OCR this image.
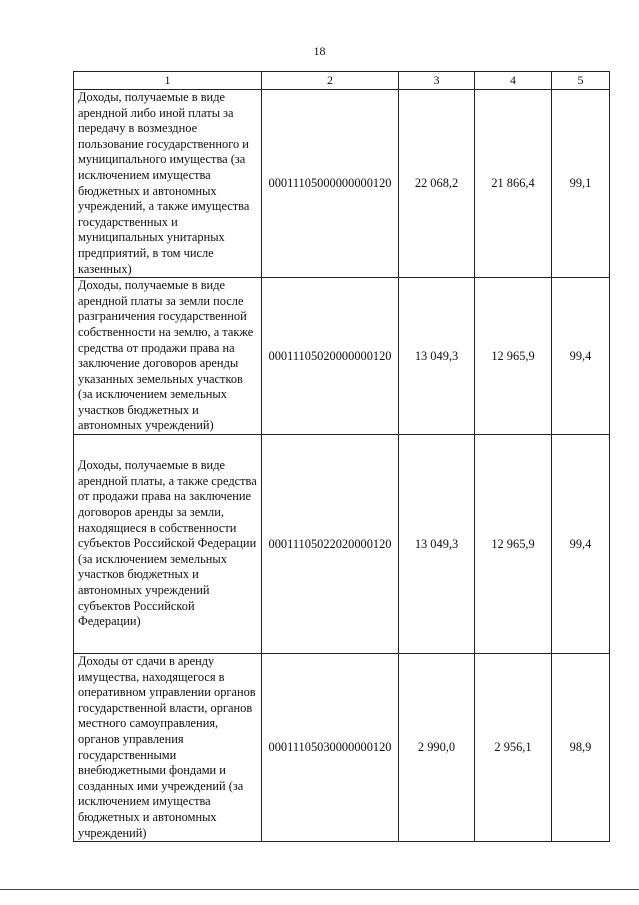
18
1	2	3	4	5
Доходы, получаемые в виде арендной либо иной платы за передачу в возмездное пользование государственного и муниципального имущества (за исключением имущества бюджетных и автономных учреждений, а также имущества государственных и муниципальных унитарных предприятий, в том числе казенных)	00011105000000000120	22 068,2	21 866,4	99,1
Доходы, получаемые в виде арендной платы за земли после разграничения государственной собственности на землю, а также средства от продажи права на заключение договоров аренды указанных земельных участков (за исключением земельных участков бюджетных и автономных учреждений)	00011105020000000120	13 049,3	12 965,9	99,4
Доходы, получаемые в виде арендной платы, а также средства от продажи права на заключение договоров аренды за земли, находящиеся в собственности субъектов Российской Федерации (за исключением земельных участков бюджетных и автономных учреждений субъектов Российской Федерации)	00011105022020000120	13 049,3	12 965,9	99,4
Доходы от сдачи в аренду имущества, находящегося в оперативном управлении органов государственной власти, органов местного самоуправления, органов управления государственными внебюджетными фондами и созданных ими учреждений (за исключением имущества бюджетных и автономных учреждений)	00011105030000000120	2 990,0	2 956,1	98,9
